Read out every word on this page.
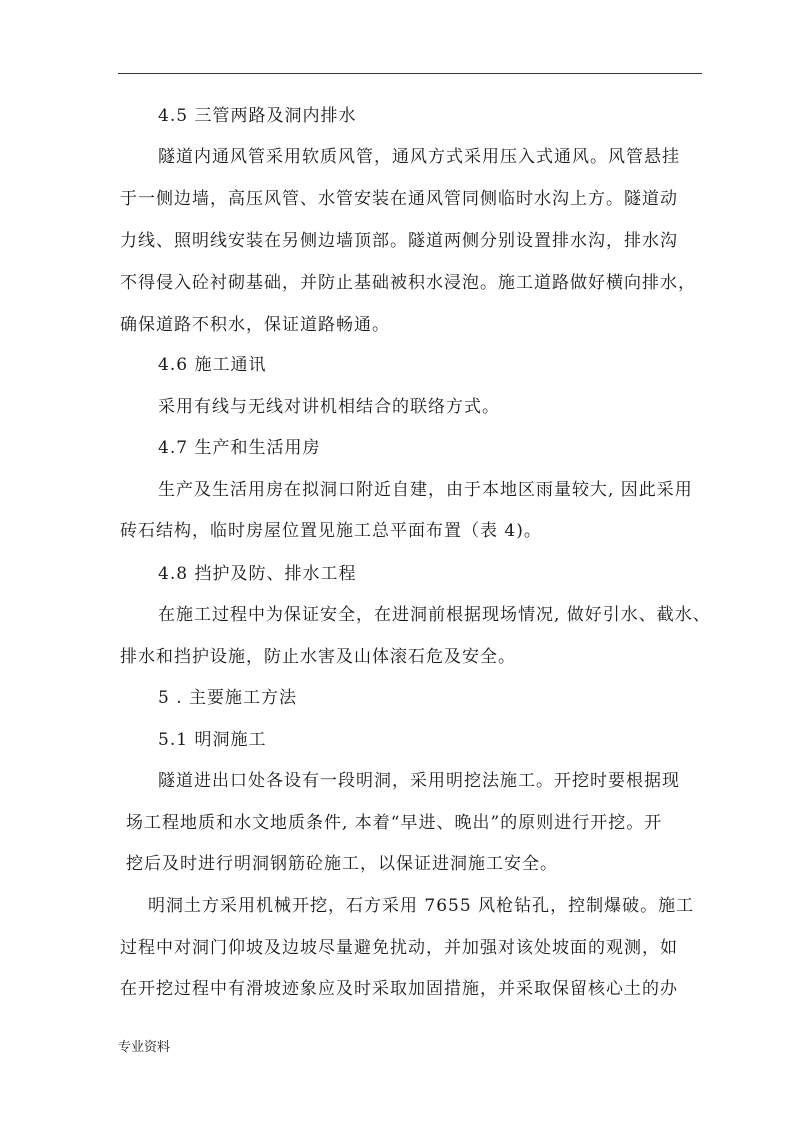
4.5 三管两路及洞内排水
隧道内通风管采用软质风管，通风方式采用压入式通风。风管悬挂
于一侧边墙，高压风管、水管安装在通风管同侧临时水沟上方。隧道动
力线、照明线安装在另侧边墙顶部。隧道两侧分别设置排水沟，排水沟
不得侵入砼衬砌基础，并防止基础被积水浸泡。施工道路做好横向排水，
确保道路不积水，保证道路畅通。
4.6 施工通讯
采用有线与无线对讲机相结合的联络方式。
4.7 生产和生活用房
生产及生活用房在拟洞口附近自建，由于本地区雨量较大, 因此采用
砖石结构，临时房屋位置见施工总平面布置（表 4)。
4.8 挡护及防、排水工程
在施工过程中为保证安全，在进洞前根据现场情况, 做好引水、截水、
排水和挡护设施，防止水害及山体滚石危及安全。
5 . 主要施工方法
5.1 明洞施工
隧道进出口处各设有一段明洞，采用明挖法施工。开挖时要根据现
场工程地质和水文地质条件, 本着“早进、晚出”的原则进行开挖。开
挖后及时进行明洞钢筋砼施工，以保证进洞施工安全。
明洞土方采用机械开挖，石方采用 7655 风枪钻孔，控制爆破。施工
过程中对洞门仰坡及边坡尽量避免扰动，并加强对该处坡面的观测，如
在开挖过程中有滑坡迹象应及时采取加固措施，并采取保留核心土的办
专业资料
